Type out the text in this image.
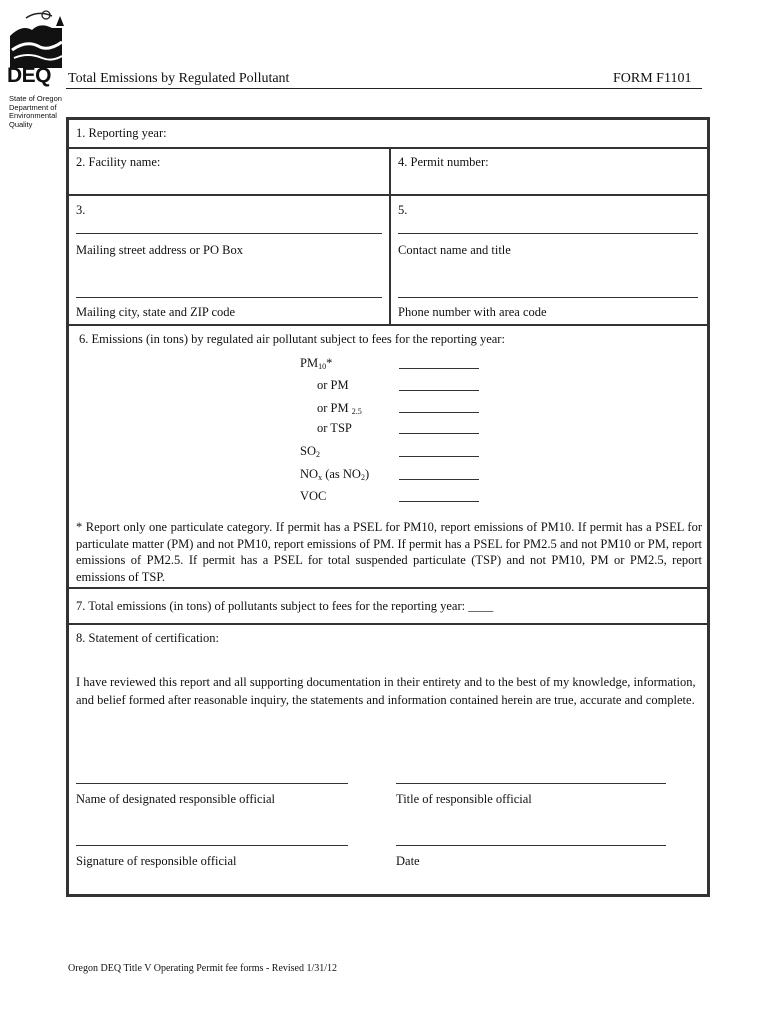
DEQ
State of Oregon
Department of
Environmental
Quality
Total Emissions by Regulated Pollutant	FORM F1101
1. Reporting year:
2. Facility name:	4. Permit number:
3.
Mailing street address or PO Box
Mailing city, state and ZIP code
5.
Contact name and title
Phone number with area code
6. Emissions (in tons) by regulated air pollutant subject to fees for the reporting year:
$PM_{10}*$
or PM
or PM $_{2.5}$
or TSP
$SO_2$
$NO_x$ (as $NO_2$)
VOC
* Report only one particulate category. If permit has a PSEL for PM10, report emissions of PM10. If permit has a PSEL for particulate matter (PM) and not PM10, report emissions of PM. If permit has a PSEL for PM2.5 and not PM10 or PM, report emissions of PM2.5. If permit has a PSEL for total suspended particulate (TSP) and not PM10, PM or PM2.5, report emissions of TSP.
7. Total emissions (in tons) of pollutants subject to fees for the reporting year: ____
8. Statement of certification:
I have reviewed this report and all supporting documentation in their entirety and to the best of my knowledge, information, and belief formed after reasonable inquiry, the statements and information contained herein are true, accurate and complete.
Name of designated responsible official	Title of responsible official
Signature of responsible official	Date
Oregon DEQ Title V Operating Permit fee forms - Revised 1/31/12
